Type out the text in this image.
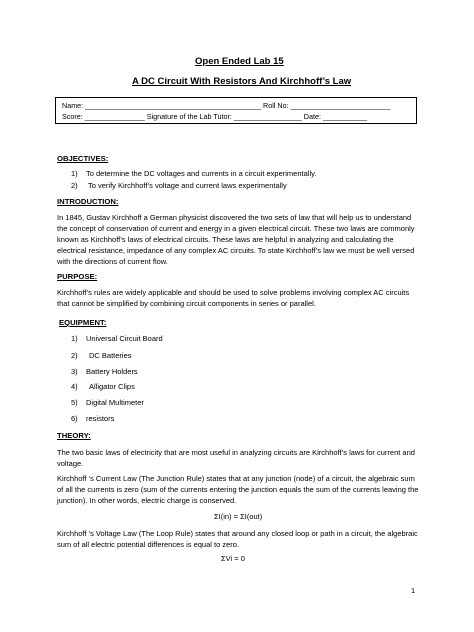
Open Ended Lab 15
A DC Circuit With Resistors And Kirchhoff’s Law
Name: ____________________________________________ Roll No: _________________________
Score: _______________ Signature of the Lab Tutor: _________________ Date: ___________
OBJECTIVES:
1) To determine the DC voltages and currents in a circuit experimentally.
2) To verify Kirchhoff’s voltage and current laws experimentally
INTRODUCTION:
In 1845, Gustav Kirchhoff a German physicist discovered the two sets of law that will help us to understand the concept of conservation of current and energy in a given electrical circuit. These two laws are commonly known as Kirchhoff’s laws of electrical circuits. These laws are helpful in analyzing and calculating the electrical resistance, impedance of any complex AC circuits. To state Kirchhoff’s law we must be well versed with the directions of current flow.
PURPOSE:
Kirchhoff’s rules are widely applicable and should be used to solve problems involving complex AC circuits that cannot be simplified by combining circuit components in series or parallel.
EQUIPMENT:
1) Universal Circuit Board
2) DC Batteries
3) Battery Holders
4) Alligator Clips
5) Digital Multimeter
6) resistors
THEORY:
The two basic laws of electricity that are most useful in analyzing circuits are Kirchhoff’s laws for current and voltage.
Kirchhoff ’s Current Law (The Junction Rule) states that at any junction (node) of a circuit, the algebraic sum of all the currents is zero (sum of the currents entering the junction equals the sum of the currents leaving the junction). In other words, electric charge is conserved.
ΣI(in) = ΣI(out)
Kirchhoff ’s Voltage Law (The Loop Rule) states that around any closed loop or path in a circuit, the algebraic sum of all electric potential differences is equal to zero.
ΣVi = 0
1
